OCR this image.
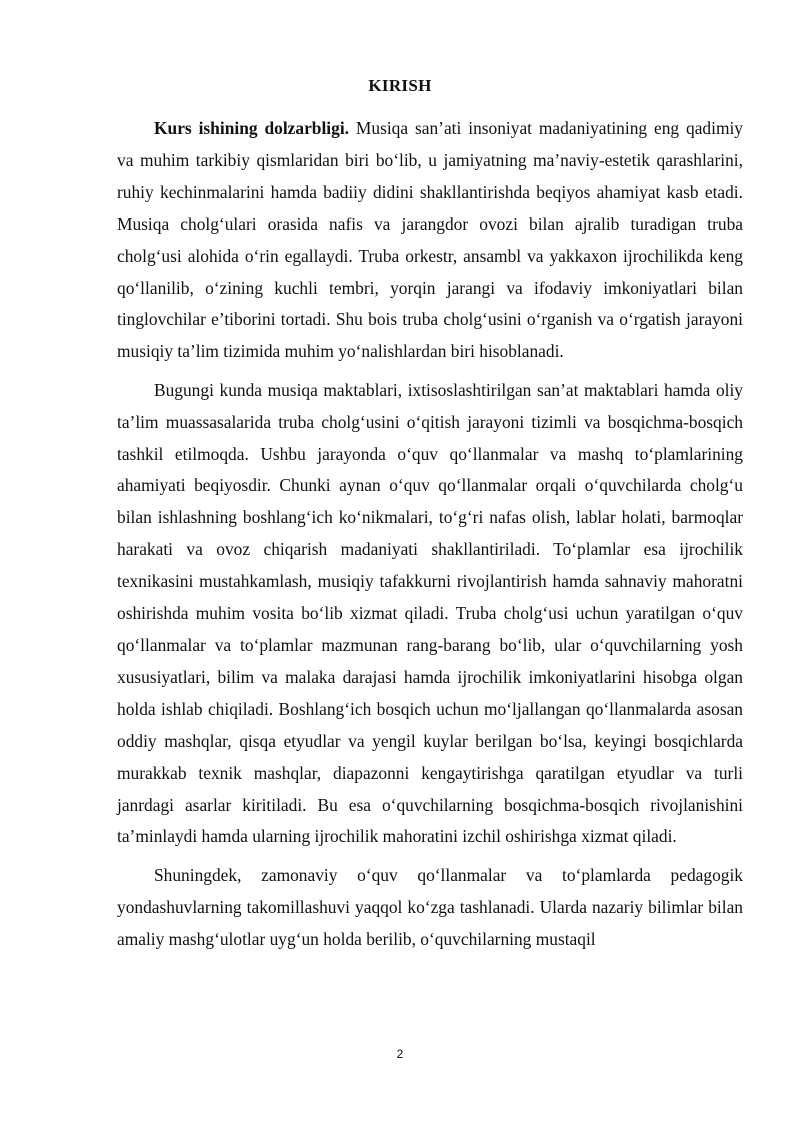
KIRISH

Kurs ishining dolzarbligi. Musiqa san’ati insoniyat madaniyatining eng qadimiy va muhim tarkibiy qismlaridan biri bo‘lib, u jamiyatning ma’naviy-estetik qarashlarini, ruhiy kechinmalarini hamda badiiy didini shakllantirishda beqiyos ahamiyat kasb etadi. Musiqa cholg‘ulari orasida nafis va jarangdor ovozi bilan ajralib turadigan truba cholg‘usi alohida o‘rin egallaydi. Truba orkestr, ansambl va yakkaxon ijrochilikda keng qo‘llanilib, o‘zining kuchli tembri, yorqin jarangi va ifodaviy imkoniyatlari bilan tinglovchilar e’tiborini tortadi. Shu bois truba cholg‘usini o‘rganish va o‘rgatish jarayoni musiqiy ta’lim tizimida muhim yo‘nalishlardan biri hisoblanadi.

Bugungi kunda musiqa maktablari, ixtisoslashtirilgan san’at maktablari hamda oliy ta’lim muassasalarida truba cholg‘usini o‘qitish jarayoni tizimli va bosqichma-bosqich tashkil etilmoqda. Ushbu jarayonda o‘quv qo‘llanmalar va mashq to‘plamlarining ahamiyati beqiyosdir. Chunki aynan o‘quv qo‘llanmalar orqali o‘quvchilarda cholg‘u bilan ishlashning boshlang‘ich ko‘nikmalari, to‘g‘ri nafas olish, lablar holati, barmoqlar harakati va ovoz chiqarish madaniyati shakllantiriladi. To‘plamlar esa ijrochilik texnikasini mustahkamlash, musiqiy tafakkurni rivojlantirish hamda sahnaviy mahoratni oshirishda muhim vosita bo‘lib xizmat qiladi. Truba cholg‘usi uchun yaratilgan o‘quv qo‘llanmalar va to‘plamlar mazmunan rang-barang bo‘lib, ular o‘quvchilarning yosh xususiyatlari, bilim va malaka darajasi hamda ijrochilik imkoniyatlarini hisobga olgan holda ishlab chiqiladi. Boshlang‘ich bosqich uchun mo‘ljallangan qo‘llanmalarda asosan oddiy mashqlar, qisqa etyudlar va yengil kuylar berilgan bo‘lsa, keyingi bosqichlarda murakkab texnik mashqlar, diapazonni kengaytirishga qaratilgan etyudlar va turli janrdagi asarlar kiritiladi. Bu esa o‘quvchilarning bosqichma-bosqich rivojlanishini ta’minlaydi hamda ularning ijrochilik mahoratini izchil oshirishga xizmat qiladi.

Shuningdek, zamonaviy o‘quv qo‘llanmalar va to‘plamlarda pedagogik yondashuvlarning takomillashuvi yaqqol ko‘zga tashlanadi. Ularda nazariy bilimlar bilan amaliy mashg‘ulotlar uyg‘un holda berilib, o‘quvchilarning mustaqil

2
